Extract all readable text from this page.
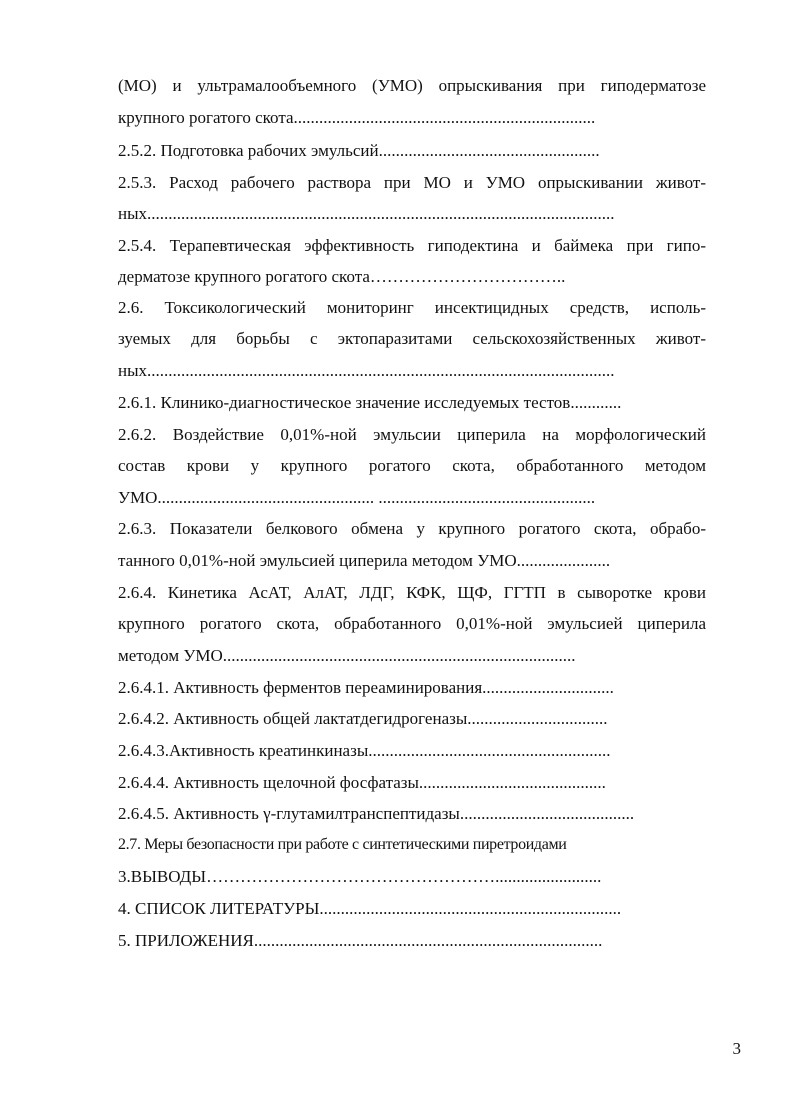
(МО) и ультрамалообъемного (УМО) опрыскивания при гиподерматозе
крупного рогатого скота.......................................................................
2.5.2. Подготовка рабочих эмульсий....................................................
2.5.3. Расход рабочего раствора при МО и УМО опрыскивании живот-
ных..............................................................................................................
2.5.4. Терапевтическая эффективность гиподектина и баймека при гипо-
дерматозе крупного рогатого скота……………………………..
2.6. Токсикологический мониторинг инсектицидных средств, исполь-
зуемых для борьбы с эктопаразитами сельскохозяйственных живот-
ных..............................................................................................................
2.6.1. Клинико-диагностическое значение исследуемых тестов............
2.6.2. Воздействие 0,01%-ной эмульсии циперила на морфологический
состав крови у крупного рогатого скота, обработанного методом
УМО................................................... ...................................................
2.6.3. Показатели белкового обмена у крупного рогатого скота, обрабо-
танного 0,01%-ной эмульсией циперила методом УМО......................
2.6.4. Кинетика АсАТ, АлАТ, ЛДГ, КФК, ЩФ, ГГТП в сыворотке крови
крупного рогатого скота, обработанного 0,01%-ной эмульсией циперила
методом УМО...................................................................................
2.6.4.1. Активность ферментов переаминирования...............................
2.6.4.2. Активность общей лактатдегидрогеназы.................................
2.6.4.3.Активность креатинкиназы.........................................................
2.6.4.4. Активность щелочной фосфатазы............................................
2.6.4.5. Активность γ-глутамилтранспептидазы.........................................
2.7. Меры безопасности при работе с синтетическими пиретроидами
3.ВЫВОДЫ…………………………………………….........................
4. СПИСОК ЛИТЕРАТУРЫ.......................................................................
5. ПРИЛОЖЕНИЯ..................................................................................
3
